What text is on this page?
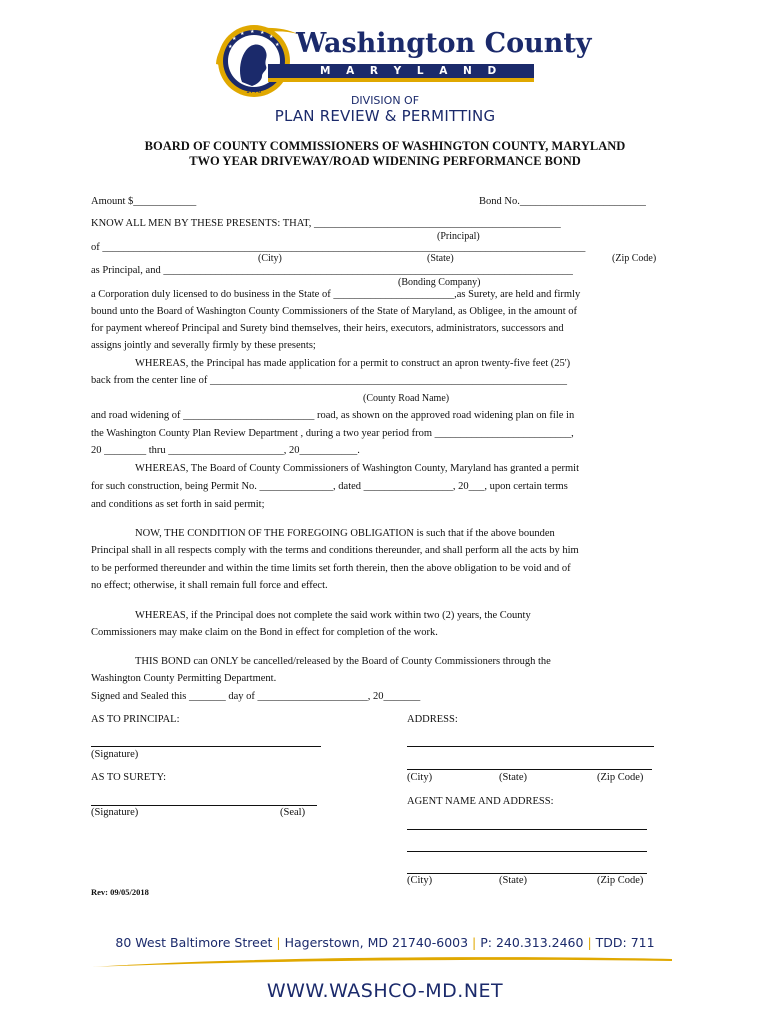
★
★
★ ★ ★
★
★ Washington County
M A R Y L A N D
1776
DIVISION OF
PLAN REVIEW & PERMITTING
BOARD OF COUNTY COMMISSIONERS OF WASHINGTON COUNTY, MARYLAND
TWO YEAR DRIVEWAY/ROAD WIDENING PERFORMANCE BOND
Amount $____________	Bond No.________________________
KNOW ALL MEN BY THESE PRESENTS: THAT, _______________________________________________
(Principal)
of ____________________________________________________________________________________________
(City)	(State)	(Zip Code)
as Principal, and ______________________________________________________________________________
(Bonding Company)
a Corporation duly licensed to do business in the State of _______________________,as Surety, are held and firmly
bound unto the Board of Washington County Commissioners of the State of Maryland, as Obligee, in the amount of
for payment whereof Principal and Surety bind themselves, their heirs, executors, administrators, successors and
assigns jointly and severally firmly by these presents;
WHEREAS, the Principal has made application for a permit to construct an apron twenty-five feet (25')
back from the center line of ____________________________________________________________________
(County Road Name)
and road widening of _________________________ road, as shown on the approved road widening plan on file in
the Washington County Plan Review Department , during a two year period from __________________________,
20 ________ thru ______________________, 20___________.
WHEREAS, The Board of County Commissioners of Washington County, Maryland has granted a permit
for such construction, being Permit No. ______________, dated _________________, 20___, upon certain terms
and conditions as set forth in said permit;
NOW, THE CONDITION OF THE FOREGOING OBLIGATION is such that if the above bounden
Principal shall in all respects comply with the terms and conditions thereunder, and shall perform all the acts by him
to be performed thereunder and within the time limits set forth therein, then the above obligation to be void and of
no effect; otherwise, it shall remain full force and effect.
WHEREAS, if the Principal does not complete the said work within two (2) years, the County
Commissioners may make claim on the Bond in effect for completion of the work.
THIS BOND can ONLY be cancelled/released by the Board of County Commissioners through the
Washington County Permitting Department.
Signed and Sealed this _______ day of _____________________, 20_______
AS TO PRINCIPAL:	ADDRESS:
(Signature)
AS TO SURETY:	(City)	(State)	(Zip Code)
AGENT NAME AND ADDRESS:
(Signature)	(Seal)
(City)	(State)	(Zip Code)
Rev: 09/05/2018
80 West Baltimore Street | Hagerstown, MD 21740-6003 | P: 240.313.2460 | TDD: 711
WWW.WASHCO-MD.NET
